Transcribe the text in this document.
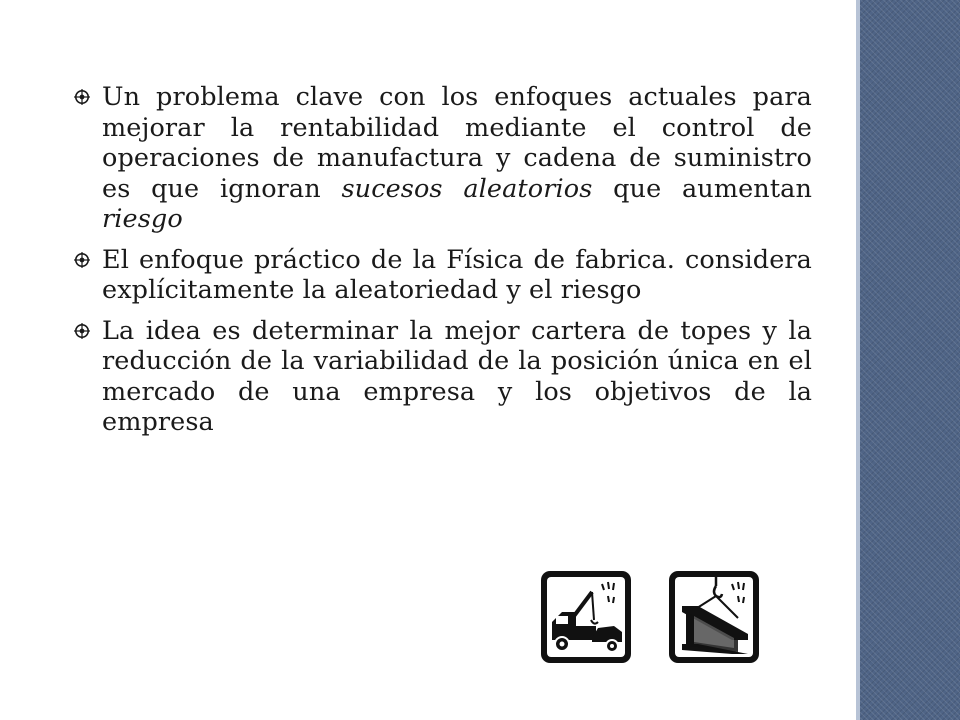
Un problema clave con los enfoques actuales para mejorar la rentabilidad mediante el control de operaciones de manufactura y cadena de suministro es que ignoran sucesos aleatorios que aumentan riesgo
El enfoque práctico de la Física de fabrica. considera explícitamente la aleatoriedad y el riesgo
La idea es determinar la mejor cartera de topes y la reducción de la variabilidad de la posición única en el mercado de una empresa y los objetivos de la empresa
